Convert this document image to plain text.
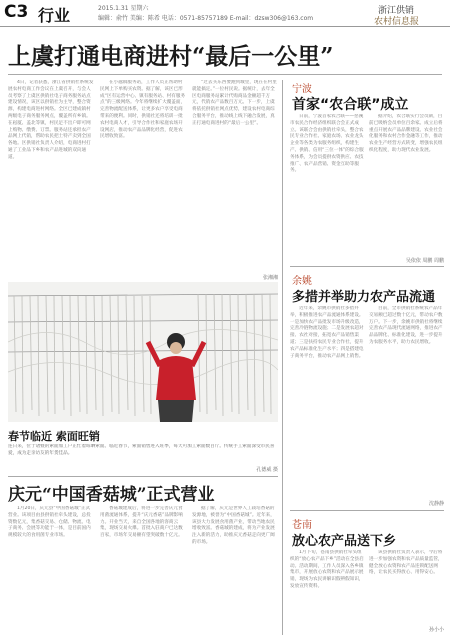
C3 行业	2015.1.31 星期六
编辑：俞竹 美编：陈希 电话：0571-85757189 E-mail：dzsw306@163.com
浙江供销
农村信息报
上虞打通电商进村“最后一公里”

4日，记者获悉，浙江省供销社系统发展农村电商工作会议在上虞召开，与会人员考察了上虞区供销社电子商务服务站点建设情况，该区以供销社为主导，整合资源，构建电商进村网络。全区已建成镇村两级电子商务服务网点，覆盖所有乡镇。在崧厦、盖北等镇，村民足不出户即可网上购物、缴费、订票。服务站还承担农产品网上代销，帮助农民把土特产卖到全国各地。区供销社负责人介绍，电商进村打通了工业品下乡和农产品进城的双向通道。

在小越镇服务站，工作人员正帮助村民网上下单购买农资。据了解，该区已形成“区有运营中心、镇有服务站、村有服务点”的三级网络。今年将继续扩大覆盖面，完善物流配送体系，让更多农户享受电商带来的便利。同时，供销社还将培训一批农村电商人才，引导合作社和家庭农场开设网店，推动农产品品牌化经营，促进农民增收致富。

“过去买东西要跑到城里，现在在村里就能搞定。”一位村民说。据统计，去年全区电商服务站累计代购商品金额超千万元，代销农产品数百万元。下一步，上虞将依托供销社网点优势，建设农村电商综合服务平台，推动线上线下融合发展，真正打通电商进村的“最后一公里”。

张湘湘
春节临近 索面旺销
连日来，位于诸暨的索面加工户正忙着晾晒索面。临近春节，索面销售进入旺季，每天可加工索面数百斤。传统手工索面深受市民喜爱，成为走亲访友的年货佳品。
孔德威 摄
宁波
首家“农合联”成立

日前，宁波首家农合联——慈溪市农民合作经济组织联合会正式成立。该联合会由供销社牵头，整合农民专业合作社、家庭农场、农业龙头企业等各类为农服务组织，构建生产、供销、信用“三位一体”的综合服务体系，为会员提供农资供应、农技推广、农产品营销、资金互助等服务。

据介绍，农合联实行会员制，目前已吸纳会员单位百余家。成立后将重点开展农产品品牌建设、农业社会化服务和农村合作金融等工作，推动农业生产经营方式转变，增强农民组织化程度，助力现代农业发展。

吴依依 周鹏 周鹏
余姚
多措并举助力农产品流通

近年来，余姚市供销社多措并举，积极推进农产品流通体系建设。一是加快农产品批发市场升级改造，完善冷链物流设施；二是发展农超对接、农社对接，拓宽农产品销售渠道；三是扶持农民专业合作社，提升农产品标准化生产水平；四是搭建电子商务平台，推动农产品网上销售。

目前，全市供销社系统农产品年交易额已超过数十亿元，带动农户数万户。下一步，余姚市供销社将继续完善农产品现代流通网络，推进农产品品牌化、标准化建设，进一步提升为农服务水平，助力农民增收。

沈静静
苍南
放心农产品送下乡

1月下旬，苍南县供销社牵头组织的“放心农产品下乡”活动在全县启动。活动期间，工作人员深入各乡镇集市，开展放心农资和农产品展示展销，现场为农民讲解识假辨假知识，发放宣传资料。

该县供销社负责人表示，今后将进一步加强农资和农产品质量监管，健全放心农资和农产品连锁配送网络，让农民买得放心、用得安心。

孙小小
庆元“中国香菇城”正式营业

1月20日，庆元县“中国香菇城”正式营业。该项目由县供销社牵头建设，总投资数亿元，集香菇交易、仓储、物流、电子商务、会展等功能于一体，是目前国内规模较大的食用菌专业市场。

香菇城建成后，将进一步完善庆元食用菌流通体系，提升“庆元香菇”品牌影响力。开业当天，来自全国各地的客商云集，现场交易火爆。首批入驻商户已达数百家，市场年交易额有望突破数十亿元。

据了解，庆元是世界人工栽培香菇的发源地，被誉为“中国香菇城”。近年来，该县大力发展食用菌产业，带动当地农民增收致富。香菇城的建成，将为产业发展注入新的活力，助推庆元香菇走向更广阔的市场。
